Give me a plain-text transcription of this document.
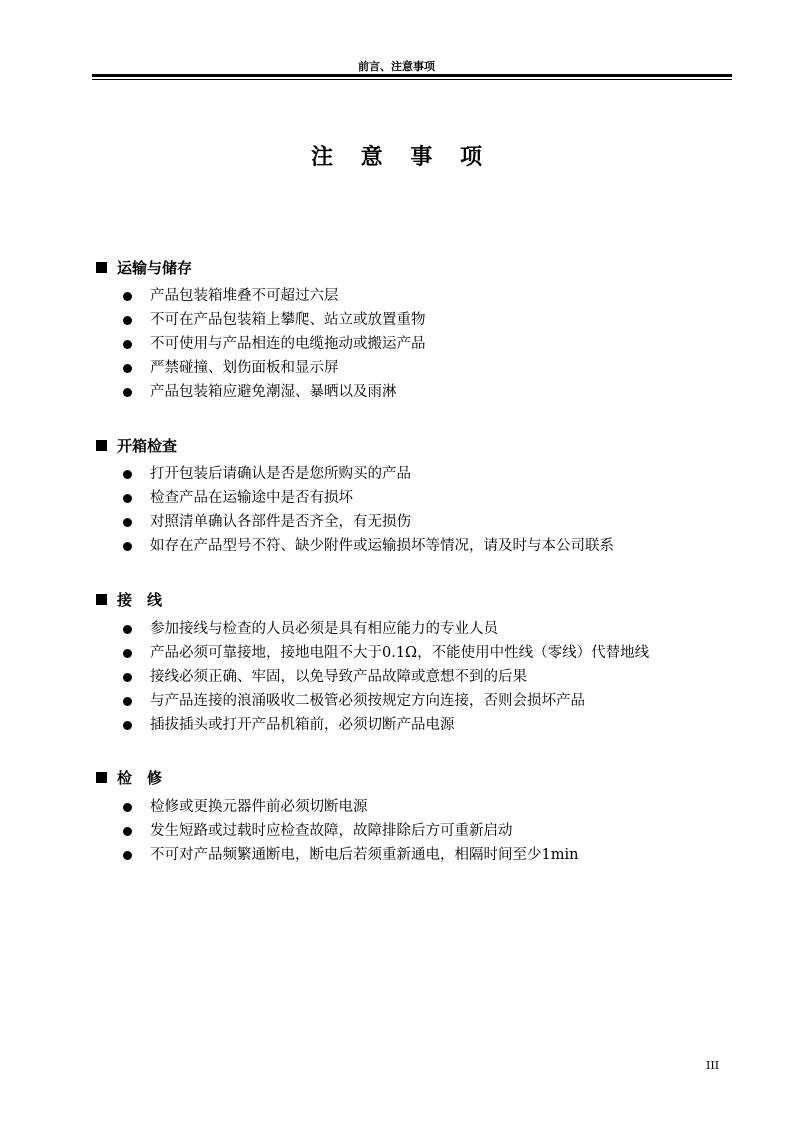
前言、注意事项
注 意 事 项
运输与储存
产品包装箱堆叠不可超过六层
不可在产品包装箱上攀爬、站立或放置重物
不可使用与产品相连的电缆拖动或搬运产品
严禁碰撞、划伤面板和显示屏
产品包装箱应避免潮湿、暴晒以及雨淋
开箱检查
打开包装后请确认是否是您所购买的产品
检查产品在运输途中是否有损坏
对照清单确认各部件是否齐全，有无损伤
如存在产品型号不符、缺少附件或运输损坏等情况，请及时与本公司联系
接　线
参加接线与检查的人员必须是具有相应能力的专业人员
产品必须可靠接地，接地电阻不大于0.1Ω，不能使用中性线（零线）代替地线
接线必须正确、牢固，以免导致产品故障或意想不到的后果
与产品连接的浪涌吸收二极管必须按规定方向连接，否则会损坏产品
插拔插头或打开产品机箱前，必须切断产品电源
检　修
检修或更换元器件前必须切断电源
发生短路或过载时应检查故障，故障排除后方可重新启动
不可对产品频繁通断电，断电后若须重新通电，相隔时间至少1min
III
